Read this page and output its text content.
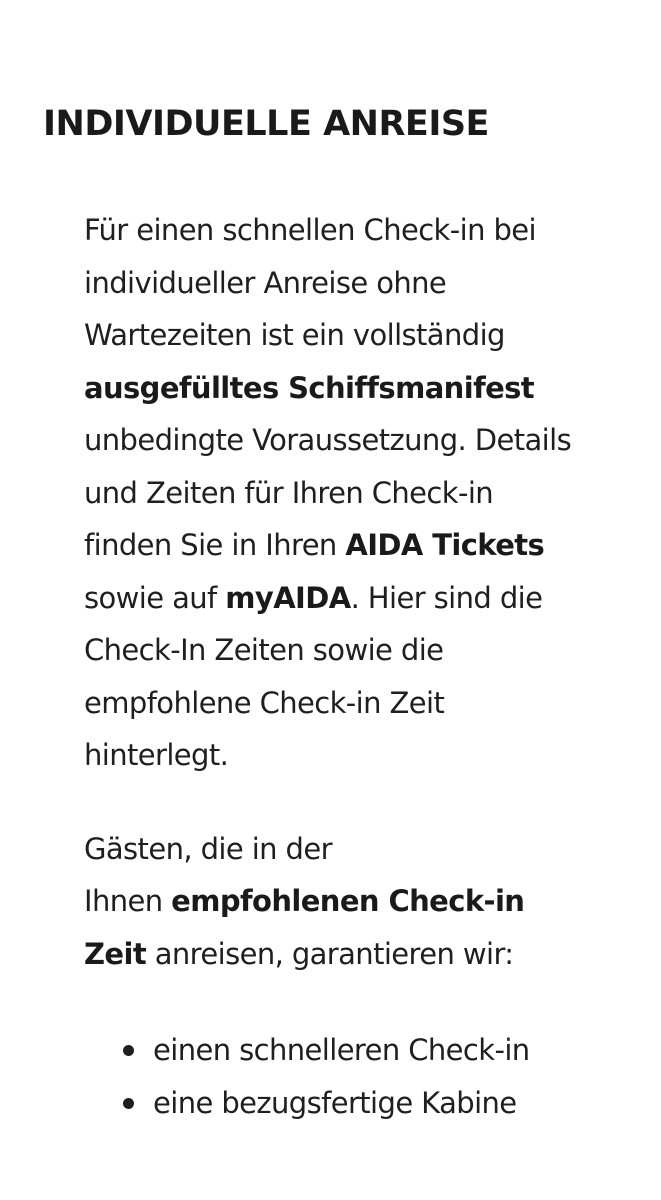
INDIVIDUELLE ANREISE
Für einen schnellen Check-in bei
individueller Anreise ohne
Wartezeiten ist ein vollständig
ausgefülltes Schiffsmanifest
unbedingte Voraussetzung. Details
und Zeiten für Ihren Check-in
finden Sie in Ihren AIDA Tickets
sowie auf myAIDA. Hier sind die
Check-In Zeiten sowie die
empfohlene Check-in Zeit
hinterlegt.
Gästen, die in der
Ihnen empfohlenen Check-in
Zeit anreisen, garantieren wir:
einen schnelleren Check-in
eine bezugsfertige Kabine
